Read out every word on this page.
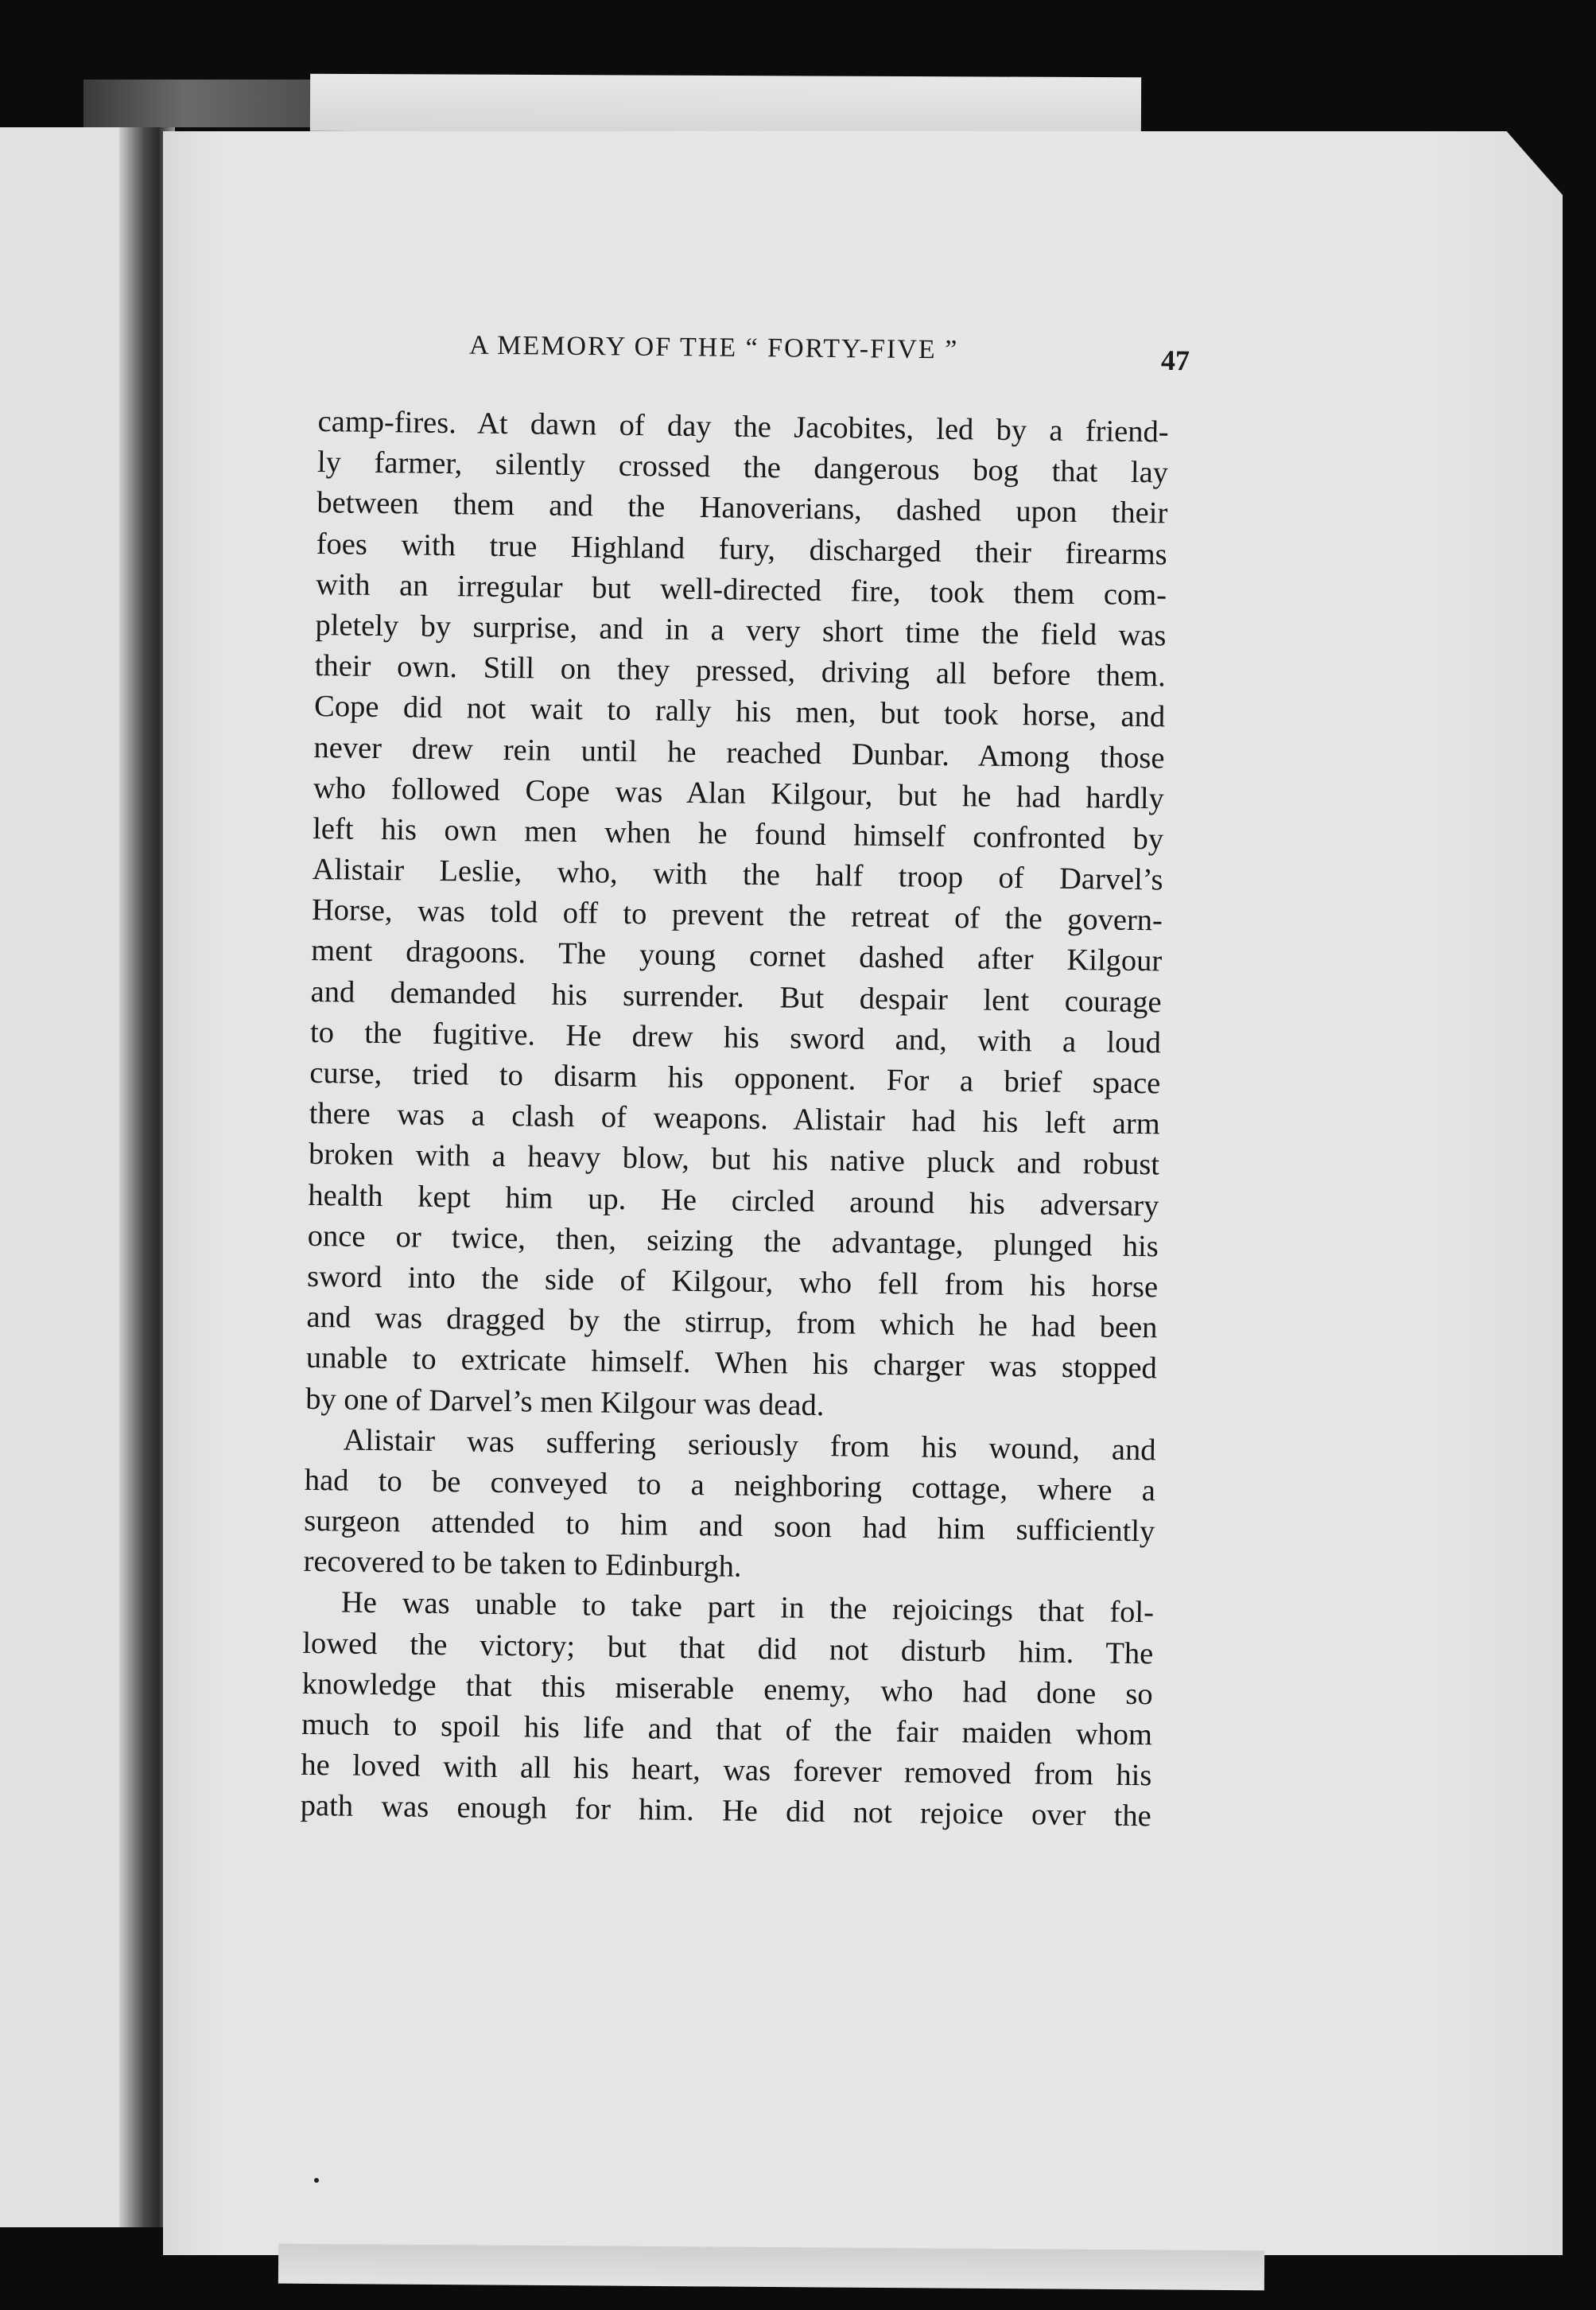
A MEMORY OF THE “ FORTY-FIVE ”	47
camp-fires. At dawn of day the Jacobites, led by a friend-
ly farmer, silently crossed the dangerous bog that lay
between them and the Hanoverians, dashed upon their
foes with true Highland fury, discharged their firearms
with an irregular but well-directed fire, took them com-
pletely by surprise, and in a very short time the field was
their own. Still on they pressed, driving all before them.
Cope did not wait to rally his men, but took horse, and
never drew rein until he reached Dunbar. Among those
who followed Cope was Alan Kilgour, but he had hardly
left his own men when he found himself confronted by
Alistair Leslie, who, with the half troop of Darvel’s
Horse, was told off to prevent the retreat of the govern-
ment dragoons. The young cornet dashed after Kilgour
and demanded his surrender. But despair lent courage
to the fugitive. He drew his sword and, with a loud
curse, tried to disarm his opponent. For a brief space
there was a clash of weapons. Alistair had his left arm
broken with a heavy blow, but his native pluck and robust
health kept him up. He circled around his adversary
once or twice, then, seizing the advantage, plunged his
sword into the side of Kilgour, who fell from his horse
and was dragged by the stirrup, from which he had been
unable to extricate himself. When his charger was stopped
by one of Darvel’s men Kilgour was dead.
Alistair was suffering seriously from his wound, and
had to be conveyed to a neighboring cottage, where a
surgeon attended to him and soon had him sufficiently
recovered to be taken to Edinburgh.
He was unable to take part in the rejoicings that fol-
lowed the victory; but that did not disturb him. The
knowledge that this miserable enemy, who had done so
much to spoil his life and that of the fair maiden whom
he loved with all his heart, was forever removed from his
path was enough for him. He did not rejoice over the
